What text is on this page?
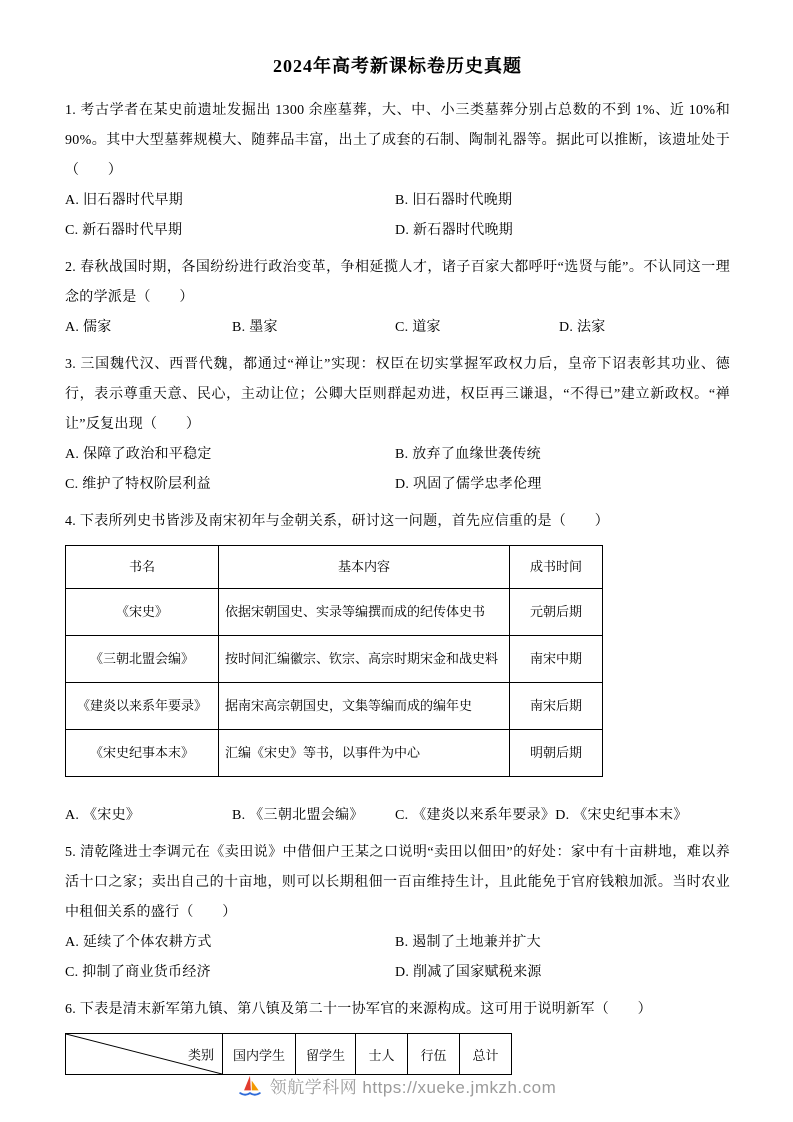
2024年高考新课标卷历史真题

1. 考古学者在某史前遗址发掘出 1300 余座墓葬，大、中、小三类墓葬分别占总数的不到 1%、近 10%和 90%。其中大型墓葬规模大、随葬品丰富，出土了成套的石制、陶制礼器等。据此可以推断，该遗址处于（　　）

A. 旧石器时代早期	B. 旧石器时代晚期
C. 新石器时代早期	D. 新石器时代晚期

2. 春秋战国时期，各国纷纷进行政治变革，争相延揽人才，诸子百家大都呼吁“选贤与能”。不认同这一理念的学派是（　　）

A. 儒家	B. 墨家	C. 道家	D. 法家

3. 三国魏代汉、西晋代魏，都通过“禅让”实现：权臣在切实掌握军政权力后，皇帝下诏表彰其功业、德行，表示尊重天意、民心，主动让位；公卿大臣则群起劝进，权臣再三谦退，“不得已”建立新政权。“禅让”反复出现（　　）

A. 保障了政治和平稳定	B. 放弃了血缘世袭传统
C. 维护了特权阶层利益	D. 巩固了儒学忠孝伦理

4. 下表所列史书皆涉及南宋初年与金朝关系，研讨这一问题，首先应信重的是（　　）

书名	基本内容	成书时间
《宋史》	依据宋朝国史、实录等编撰而成的纪传体史书	元朝后期
《三朝北盟会编》	按时间汇编徽宗、钦宗、高宗时期宋金和战史料	南宋中期
《建炎以来系年要录》	据南宋高宗朝国史，文集等编而成的编年史	南宋后期
《宋史纪事本末》	汇编《宋史》等书，以事件为中心	明朝后期
A. 《宋史》	B. 《三朝北盟会编》	C. 《建炎以来系年要录》 D. 《宋史纪事本末》

5. 清乾隆进士李调元在《卖田说》中借佃户王某之口说明“卖田以佃田”的好处：家中有十亩耕地，难以养活十口之家；卖出自己的十亩地，则可以长期租佃一百亩维持生计，且此能免于官府钱粮加派。当时农业中租佃关系的盛行（　　）

A. 延续了个体农耕方式	B. 遏制了土地兼并扩大
C. 抑制了商业货币经济	D. 削减了国家赋税来源

6. 下表是清末新军第九镇、第八镇及第二十一协军官的来源构成。这可用于说明新军（　　）

类别	国内学生	留学生	士人	行伍	总计
领航学科网 https://xueke.jmkzh.com
